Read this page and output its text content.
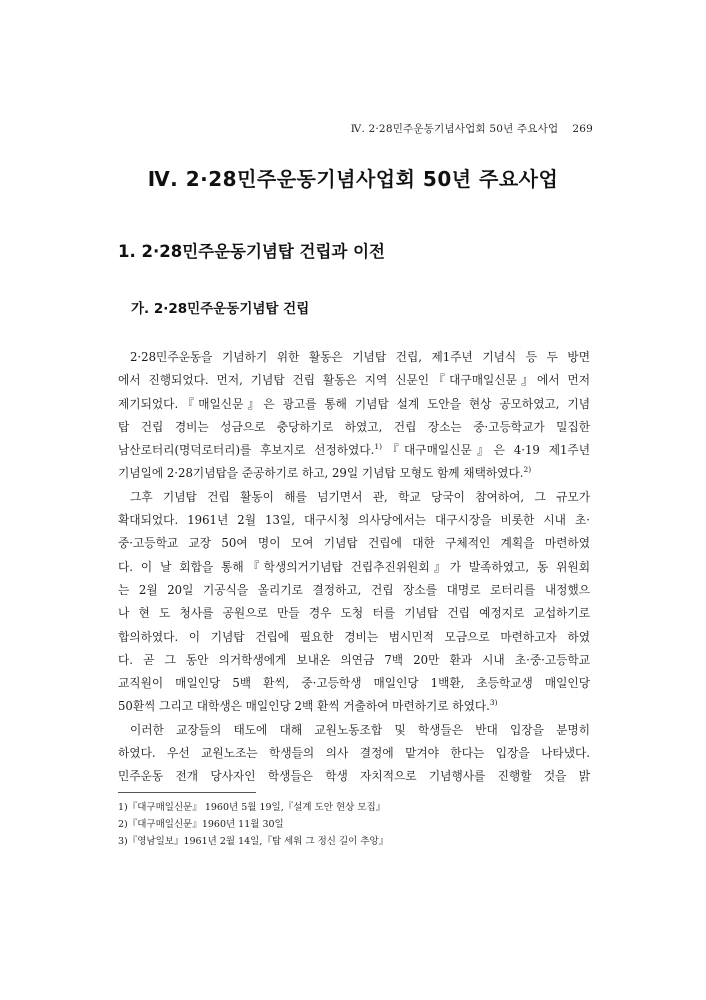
Ⅳ. 2·28민주운동기념사업회 50년 주요사업 269
Ⅳ. 2·28민주운동기념사업회 50년 주요사업
1. 2·28민주운동기념탑 건립과 이전
가. 2·28민주운동기념탑 건립
2·28민주운동을 기념하기 위한 활동은 기념탑 건립, 제1주년 기념식 등 두 방면
에서 진행되었다. 먼저, 기념탑 건립 활동은 지역 신문인『대구매일신문』에서 먼저
제기되었다.『매일신문』은 광고를 통해 기념탑 설계 도안을 현상 공모하였고, 기념
탑 건립 경비는 성금으로 충당하기로 하였고, 건립 장소는 중·고등학교가 밀집한
남산로터리(명덕로터리)를 후보지로 선정하였다.$^{1)}$『대구매일신문』은 4·19 제1주년
기념일에 2·28기념탑을 준공하기로 하고, 29일 기념탑 모형도 함께 채택하였다.$^{2)}$
그후 기념탑 건립 활동이 해를 넘기면서 관, 학교 당국이 참여하여, 그 규모가
확대되었다. 1961년 2월 13일, 대구시청 의사당에서는 대구시장을 비롯한 시내 초·
중·고등학교 교장 50여 명이 모여 기념탑 건립에 대한 구체적인 계획을 마련하였
다. 이 날 회합을 통해『학생의거기념탑 건립추진위원회』가 발족하였고, 동 위원회
는 2월 20일 기공식을 올리기로 결정하고, 건립 장소를 대명로 로터리를 내정했으
나 현 도 청사를 공원으로 만들 경우 도청 터를 기념탑 건립 예정지로 교섭하기로
합의하였다. 이 기념탑 건립에 필요한 경비는 범시민적 모금으로 마련하고자 하였
다. 곧 그 동안 의거학생에게 보내온 의연금 7백 20만 환과 시내 초·중·고등학교
교직원이 매일인당 5백 환씩, 중·고등학생 매일인당 1백환, 초등학교생 매일인당
50환씩 그리고 대학생은 매일인당 2백 환씩 거출하여 마련하기로 하였다.$^{3)}$
이러한 교장들의 태도에 대해 교원노동조합 및 학생들은 반대 입장을 분명히
하였다. 우선 교원노조는 학생들의 의사 결정에 맡겨야 한다는 입장을 나타냈다.
민주운동 전개 당사자인 학생들은 학생 자치적으로 기념행사를 진행할 것을 밝
1)『대구매일신문』 1960년 5월 19일,『설계 도안 현상 모집』
2)『대구매일신문』1960년 11월 30일
3)『영남일보』1961년 2월 14일,『탑 세워 그 정신 길이 추앙』
